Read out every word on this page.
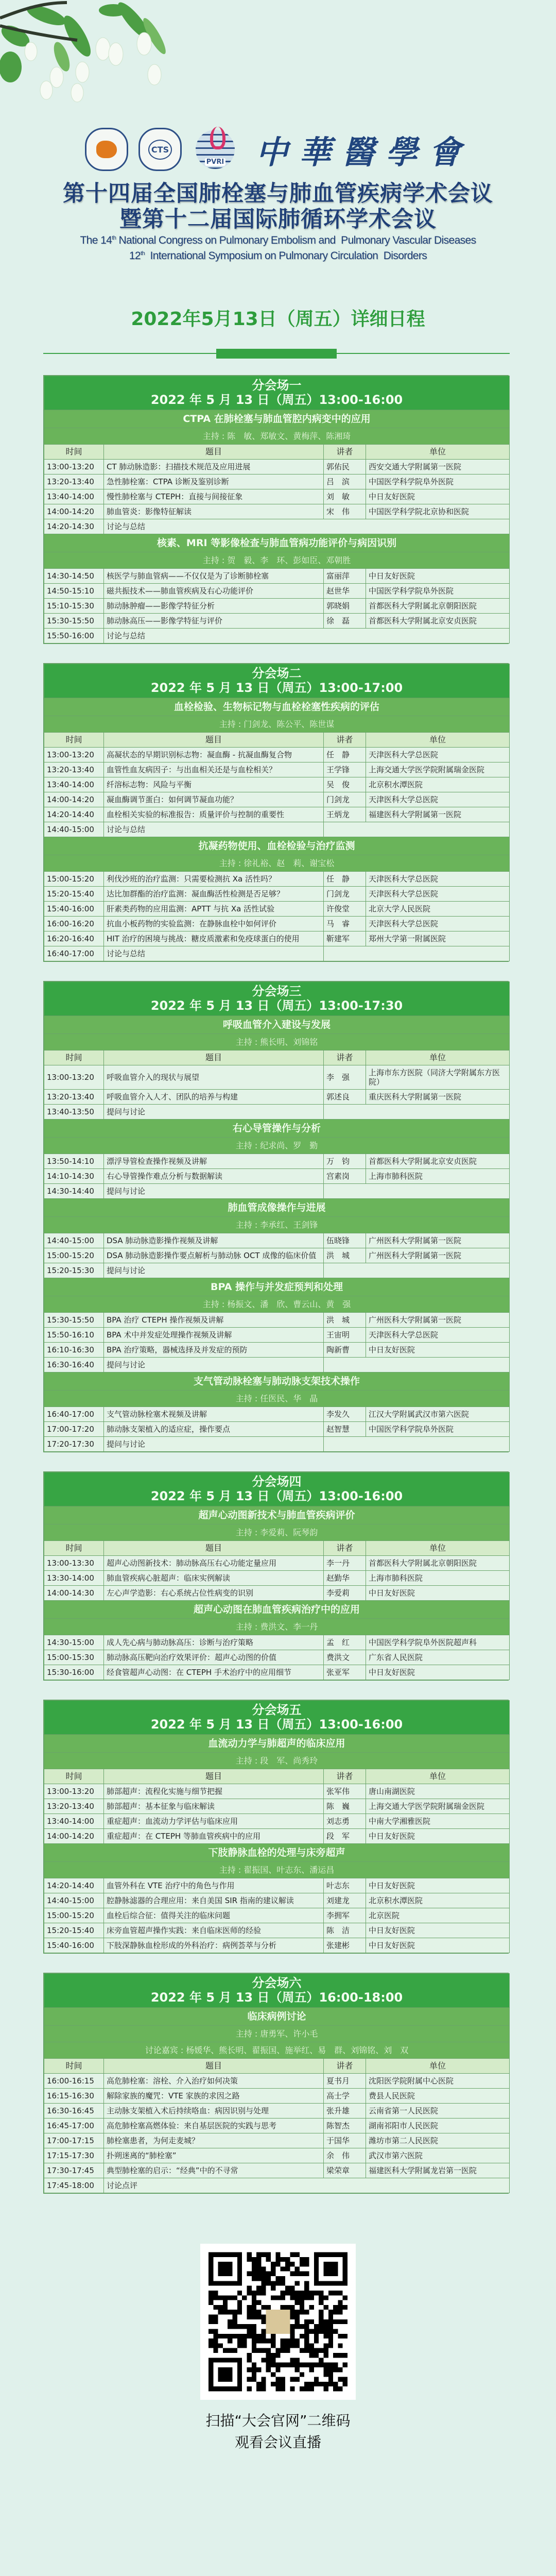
CTS
PVRI 中華醫學會
第十四届全国肺栓塞与肺血管疾病学术会议
暨第十二届国际肺循环学术会议
The 14th National Congress on Pulmonary Embolism and  Pulmonary Vascular Diseases
12th  International Symposium on Pulmonary Circulation  Disorders
2022年5月13日（周五）详细日程
分会场一
2022 年 5 月 13 日（周五）13:00-16:00			

CTPA 在肺栓塞与肺血管腔内病变中的应用			
主持 : 陈　敏、郑敏文、黄梅萍、陈湘琦			
时间	题目	讲者	单位
13:00-13:20	CT 肺动脉造影：扫描技术规范及应用进展	郭佑民	西安交通大学附属第一医院
13:20-13:40	急性肺栓塞：CTPA 诊断及鉴别诊断	吕　滨	中国医学科学院阜外医院
13:40-14:00	慢性肺栓塞与 CTEPH：直接与间接征象	刘　敏	中日友好医院
14:00-14:20	肺血管炎：影像特征解读	宋　伟	中国医学科学院北京协和医院
14:20-14:30	讨论与总结		
核素、MRI 等影像检查与肺血管病功能评价与病因识别			
主持 : 贺　毅、李　环、彭如臣、邓朝胜			
14:30-14:50	核医学与肺血管病——不仅仅是为了诊断肺栓塞	富丽萍	中日友好医院
14:50-15:10	磁共振技术——肺血管疾病及右心功能评价	赵世华	中国医学科学院阜外医院
15:10-15:30	肺动脉肿瘤——影像学特征分析	郭晓娟	首都医科大学附属北京朝阳医院
15:30-15:50	肺动脉高压——影像学特征与评价	徐　磊	首都医科大学附属北京安贞医院
15:50-16:00	讨论与总结		
分会场二
2022 年 5 月 13 日（周五）13:00-17:00			

血栓检验、生物标记物与血栓栓塞性疾病的评估			
主持 : 门剑龙、陈公平、陈世谋			
时间	题目	讲者	单位
13:00-13:20	高凝状态的早期识别标志物：凝血酶 - 抗凝血酶复合物	任　静	天津医科大学总医院
13:20-13:40	血管性血友病因子：与出血相关还是与血栓相关？	王学锋	上海交通大学医学院附属瑞金医院
13:40-14:00	纤溶标志物：风险与平衡	吴　俊	北京积水潭医院
14:00-14:20	凝血酶调节蛋白：如何调节凝血功能？	门剑龙	天津医科大学总医院
14:20-14:40	血栓相关实验的标准报告：质量评价与控制的重要性	王炳龙	福建医科大学附属第一医院
14:40-15:00	讨论与总结		
抗凝药物使用、血栓检验与治疗监测			
主持 : 徐礼裕、赵　莉、谢宝松			
15:00-15:20	利伐沙班的治疗监测：只需要检测抗 Xa 活性吗？	任　静	天津医科大学总医院
15:20-15:40	达比加群酯的治疗监测：凝血酶活性检测是否足够？	门剑龙	天津医科大学总医院
15:40-16:00	肝素类药物的应用监测：APTT 与抗 Xa 活性试验	许俊堂	北京大学人民医院
16:00-16:20	抗血小板药物的实验监测：在静脉血栓中如何评价	马　睿	天津医科大学总医院
16:20-16:40	HIT 治疗的困境与挑战：糖皮质激素和免疫球蛋白的使用	靳建军	郑州大学第一附属医院
16:40-17:00	讨论与总结		
分会场三
2022 年 5 月 13 日（周五）13:00-17:30			

呼吸血管介入建设与发展			
主持 : 熊长明、刘锦铭			
时间	题目	讲者	单位
13:00-13:20	呼吸血管介入的现状与展望	李　强	上海市东方医院（同济大学附属东方医院）
13:20-13:40	呼吸血管介入人才、团队的培养与构建	郭述良	重庆医科大学附属第一医院
13:40-13:50	提问与讨论		
右心导管操作与分析			
主持 : 纪求尚、罗　勤			
13:50-14:10	漂浮导管检查操作视频及讲解	万　钧	首都医科大学附属北京安贞医院
14:10-14:30	右心导管操作难点分析与数据解读	宫素岗	上海市肺科医院
14:30-14:40	提问与讨论		
肺血管成像操作与进展			
主持 : 李承红、王剑锋			
14:40-15:00	DSA 肺动脉造影操作视频及讲解	伍晓锋	广州医科大学附属第一医院
15:00-15:20	DSA 肺动脉造影操作要点解析与肺动脉 OCT 成像的临床价值	洪　城	广州医科大学附属第一医院
15:20-15:30	提问与讨论		
BPA 操作与并发症预判和处理			
主持 : 杨振文、潘　欣、曹云山、黄　强			
15:30-15:50	BPA 治疗 CTEPH 操作视频及讲解	洪　城	广州医科大学附属第一医院
15:50-16:10	BPA 术中并发症处理操作视频及讲解	王宙明	天津医科大学总医院
16:10-16:30	BPA 治疗策略，器械选择及并发症的预防	陶新曹	中日友好医院
16:30-16:40	提问与讨论		
支气管动脉栓塞与肺动脉支架技术操作			
主持 : 任医民、华　晶			
16:40-17:00	支气管动脉栓塞术视频及讲解	李发久	江汉大学附属武汉市第六医院
17:00-17:20	肺动脉支架植入的适应症，操作要点	赵智慧	中国医学科学院阜外医院
17:20-17:30	提问与讨论		
分会场四
2022 年 5 月 13 日（周五）13:00-16:00			

超声心动图新技术与肺血管疾病评价			
主持 : 李爱莉、阮琴韵			
时间	题目	讲者	单位
13:00-13:30	超声心动图新技术：肺动脉高压右心功能定量应用	李一丹	首都医科大学附属北京朝阳医院
13:30-14:00	肺血管疾病心脏超声：临床实例解读	赵勤华	上海市肺科医院
14:00-14:30	左心声学造影：右心系统占位性病变的识别	李爱莉	中日友好医院
超声心动图在肺血管疾病治疗中的应用			
主持 : 费洪文、李一丹			
14:30-15:00	成人先心病与肺动脉高压：诊断与治疗策略	孟　红	中国医学科学院阜外医院超声科
15:00-15:30	肺动脉高压靶向治疗效果评价：超声心动图的价值	费洪文	广东省人民医院
15:30-16:00	经食管超声心动图：在 CTEPH 手术治疗中的应用细节	张亚军	中日友好医院
分会场五
2022 年 5 月 13 日（周五）13:00-16:00			

血流动力学与肺超声的临床应用			
主持 : 段　军、尚秀玲			
时间	题目	讲者	单位
13:00-13:20	肺部超声：流程化实施与细节把握	张军伟	唐山南湖医院
13:20-13:40	肺部超声：基本征象与临床解读	陈　巍	上海交通大学医学院附属瑞金医院
13:40-14:00	重症超声：血流动力学评估与临床应用	刘志勇	中南大学湘雅医院
14:00-14:20	重症超声：在 CTEPH 等肺血管疾病中的应用	段　军	中日友好医院
下肢静脉血栓的处理与床旁超声			
主持 : 翟振国、叶志东、潘运昌			
14:20-14:40	血管外科在 VTE 治疗中的角色与作用	叶志东	中日友好医院
14:40-15:00	腔静脉滤器的合理应用：来自美国 SIR 指南的建议解读	刘建龙	北京积水潭医院
15:00-15:20	血栓后综合征：值得关注的临床问题	李拥军	北京医院
15:20-15:40	床旁血管超声操作实践：来自临床医师的经验	陈　洁	中日友好医院
15:40-16:00	下肢深静脉血栓形成的外科治疗：病例荟萃与分析	张建彬	中日友好医院
分会场六
2022 年 5 月 13 日（周五）16:00-18:00			

临床病例讨论			
主持 : 唐勇军、许小毛			
讨论嘉宾 : 杨媛华、熊长明、翟振国、施举红、易　群、刘锦铭、刘　双			
时间	题目	讲者	单位
16:00-16:15	高危肺栓塞：溶栓、介入治疗如何决策	夏书月	沈阳医学院附属中心医院
16:15-16:30	解除家族的魔咒：VTE 家族的求因之路	高士学	费县人民医院
16:30-16:45	主动脉支架植入术后持续咯血：病因识别与处理	张升雄	云南省第一人民医院
16:45-17:00	高危肺栓塞高燃体验：来自基层医院的实践与思考	陈智杰	湖南祁阳市人民医院
17:00-17:15	肺栓塞患者，为何走麦城？	于国华	潍坊市第二人民医院
17:15-17:30	扑朔迷离的“肺栓塞”	余　伟	武汉市第六医院
17:30-17:45	典型肺栓塞的启示：“经典”中的不寻常	梁荣章	福建医科大学附属龙岩第一医院
17:45-18:00	讨论点评		
扫描“大会官网”二维码
观看会议直播
